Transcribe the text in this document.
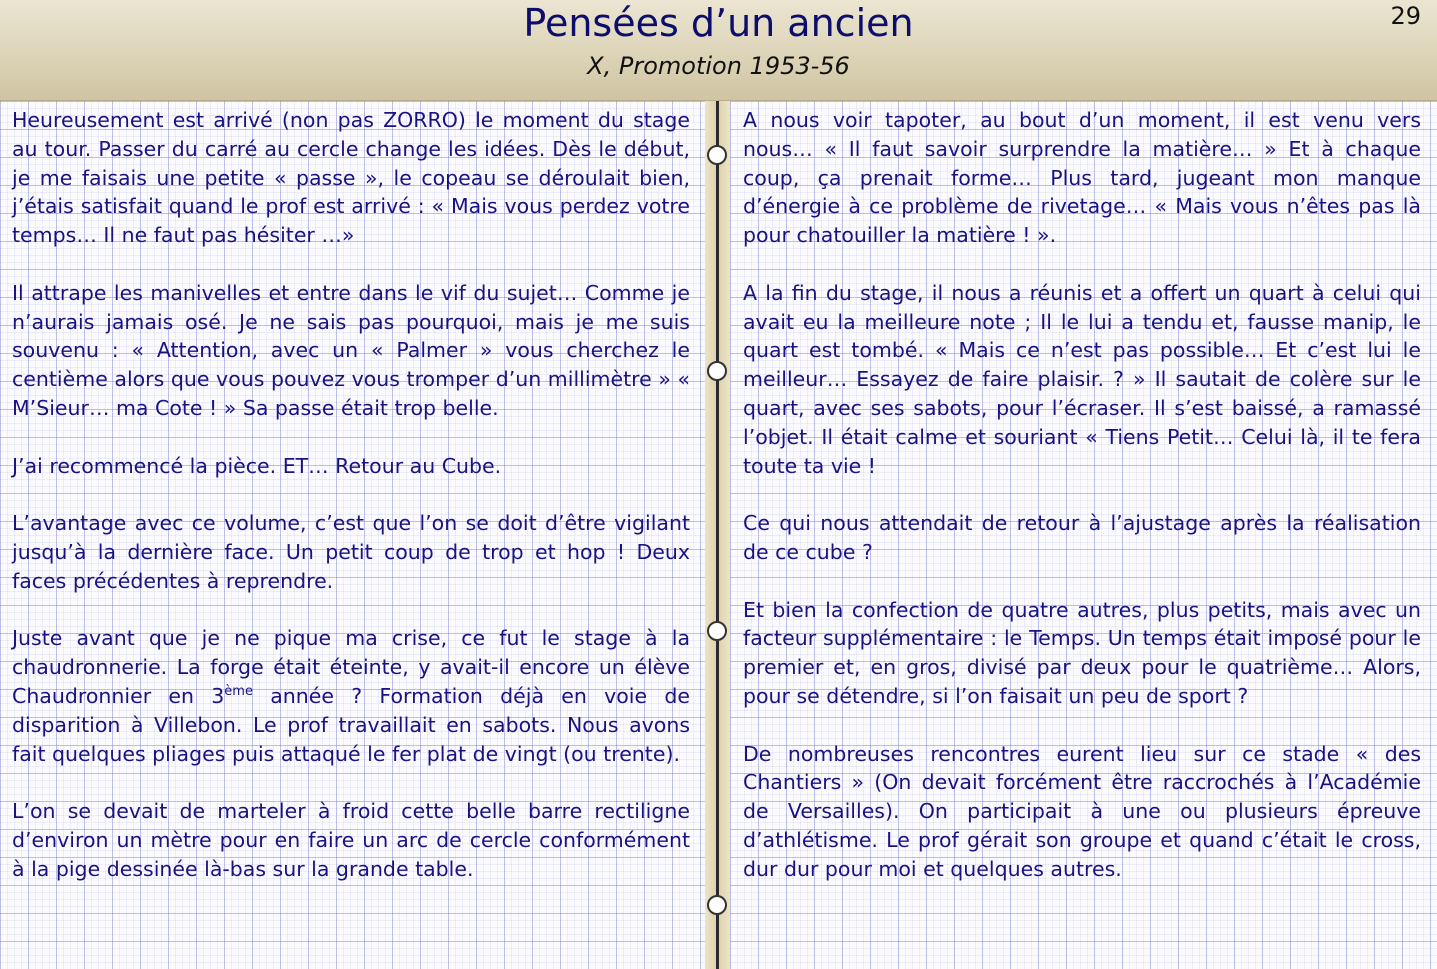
Pensées d’un ancien
X, Promotion 1953-56
29

Heureusement est arrivé (non pas ZORRO) le moment du stage au tour. Passer du carré au cercle change les idées. Dès le début, je me faisais une petite « passe », le copeau se déroulait bien, j’étais satisfait quand le prof est arrivé : « Mais vous perdez votre temps… Il ne faut pas hésiter …»

Il attrape les manivelles et entre dans le vif du sujet… Comme je n’aurais jamais osé. Je ne sais pas pourquoi, mais je me suis souvenu : « Attention, avec un « Palmer » vous cherchez le centième alors que vous pouvez vous tromper d’un millimètre » « M’Sieur… ma Cote ! » Sa passe était trop belle.

J’ai recommencé la pièce. ET… Retour au Cube.

L’avantage avec ce volume, c’est que l’on se doit d’être vigilant jusqu’à la dernière face. Un petit coup de trop et hop ! Deux faces précédentes à reprendre.

Juste avant que je ne pique ma crise, ce fut le stage à la chaudronnerie. La forge était éteinte, y avait-il encore un élève Chaudronnier en 3ème année ? Formation déjà en voie de disparition à Villebon. Le prof travaillait en sabots. Nous avons fait quelques pliages puis attaqué le fer plat de vingt (ou trente).

L’on se devait de marteler à froid cette belle barre rectiligne d’environ un mètre pour en faire un arc de cercle conformément à la pige dessinée là-bas sur la grande table.

A nous voir tapoter, au bout d’un moment, il est venu vers nous… « Il faut savoir surprendre la matière… » Et à chaque coup, ça prenait forme… Plus tard, jugeant mon manque d’énergie à ce problème de rivetage… « Mais vous n’êtes pas là pour chatouiller la matière ! ».

A la fin du stage, il nous a réunis et a offert un quart à celui qui avait eu la meilleure note ; Il le lui a tendu et, fausse manip, le quart est tombé. « Mais ce n’est pas possible… Et c’est lui le meilleur… Essayez de faire plaisir. ? » Il sautait de colère sur le quart, avec ses sabots, pour l’écraser. Il s’est baissé, a ramassé l’objet. Il était calme et souriant « Tiens Petit… Celui là, il te fera toute ta vie !

Ce qui nous attendait de retour à l’ajustage après la réalisation de ce cube ?

Et bien la confection de quatre autres, plus petits, mais avec un facteur supplémentaire : le Temps. Un temps était imposé pour le premier et, en gros, divisé par deux pour le quatrième… Alors, pour se détendre, si l’on faisait un peu de sport ?

De nombreuses rencontres eurent lieu sur ce stade « des Chantiers » (On devait forcément être raccrochés à l’Académie de Versailles). On participait à une ou plusieurs épreuve d’athlétisme. Le prof gérait son groupe et quand c’était le cross, dur dur pour moi et quelques autres.
